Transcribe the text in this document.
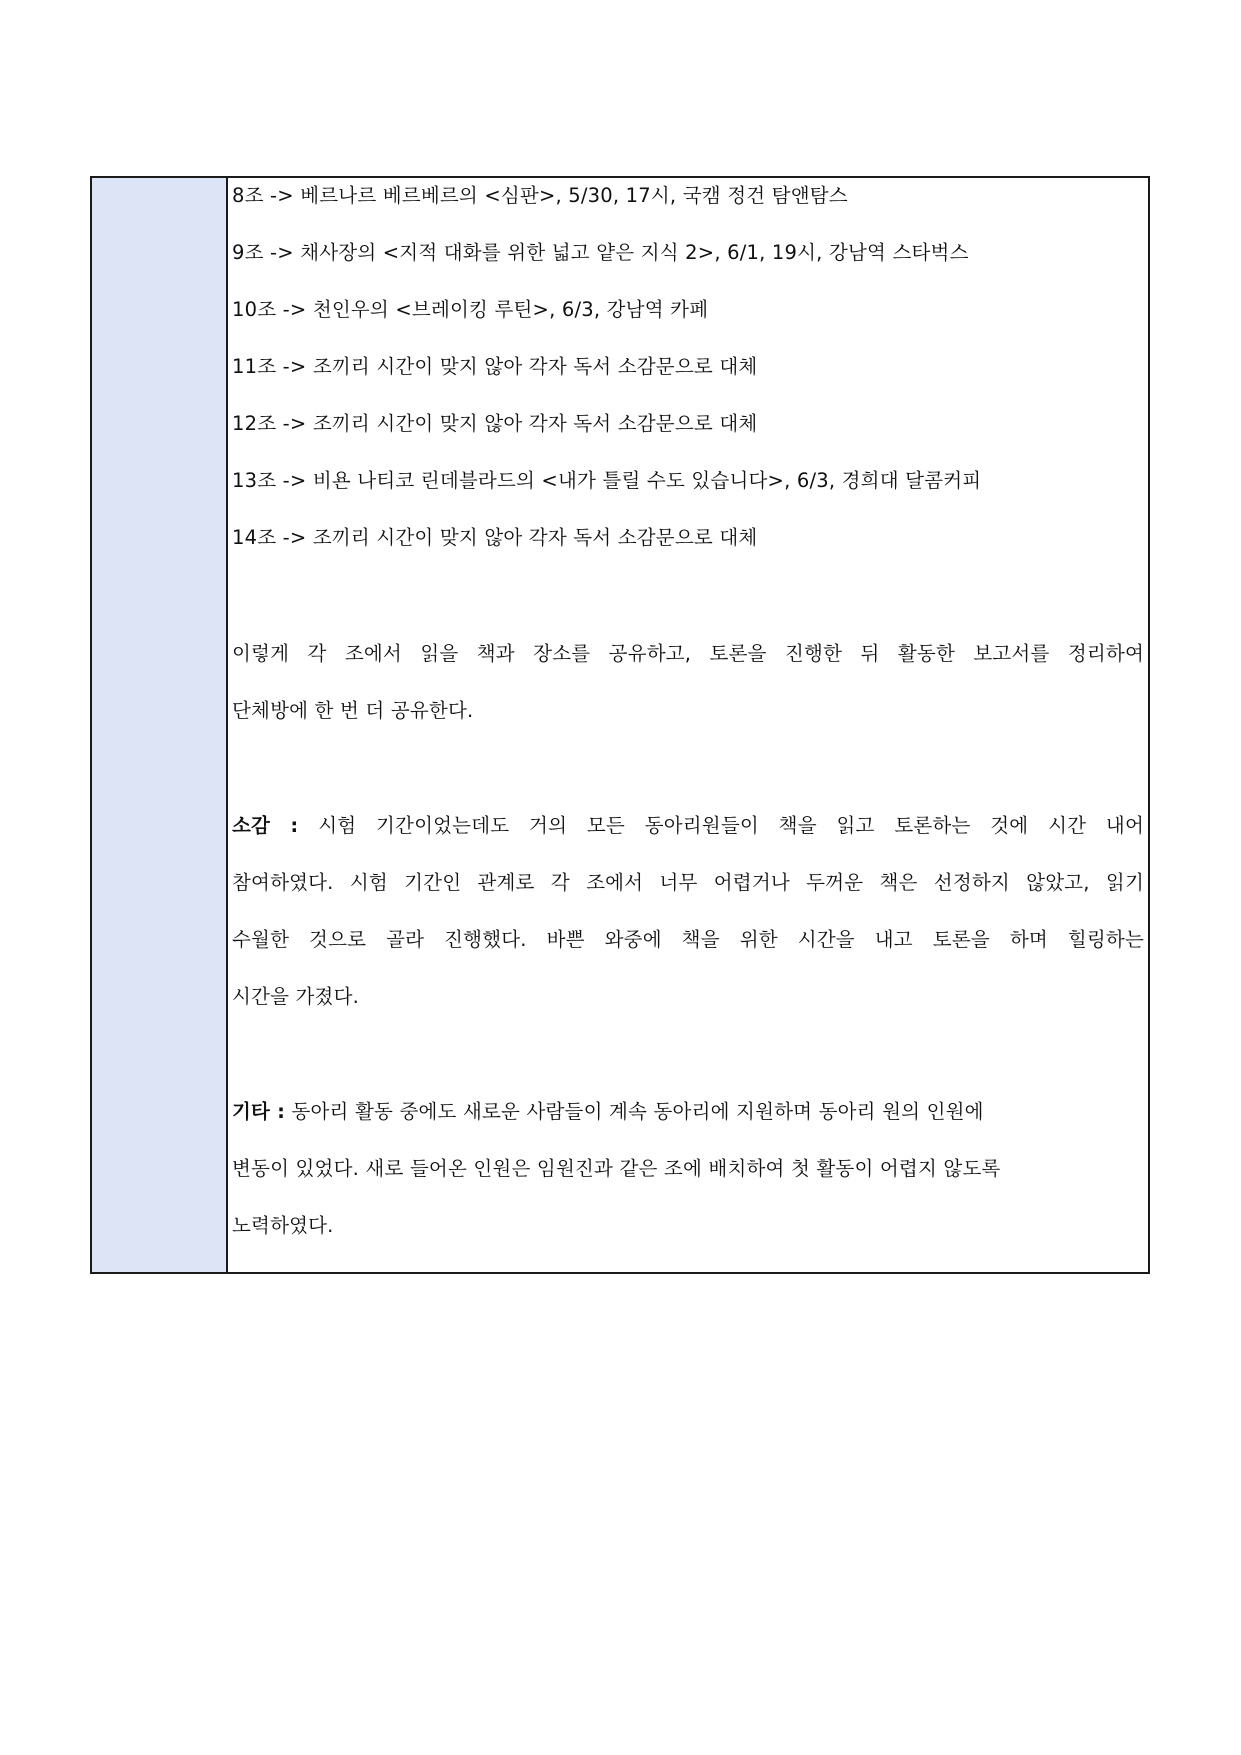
8조 -> 베르나르 베르베르의 <심판>, 5/30, 17시, 국캠 정건 탐앤탐스
9조 -> 채사장의 <지적 대화를 위한 넓고 얕은 지식 2>, 6/1, 19시, 강남역 스타벅스
10조 -> 천인우의 <브레이킹 루틴>, 6/3, 강남역 카페
11조 -> 조끼리 시간이 맞지 않아 각자 독서 소감문으로 대체
12조 -> 조끼리 시간이 맞지 않아 각자 독서 소감문으로 대체
13조 -> 비욘 나티코 린데블라드의 <내가 틀릴 수도 있습니다>, 6/3, 경희대 달콤커피
14조 -> 조끼리 시간이 맞지 않아 각자 독서 소감문으로 대체
이렇게 각 조에서 읽을 책과 장소를 공유하고, 토론을 진행한 뒤 활동한 보고서를 정리하여
단체방에 한 번 더 공유한다.
소감 : 시험 기간이었는데도 거의 모든 동아리원들이 책을 읽고 토론하는 것에 시간 내어
참여하였다. 시험 기간인 관계로 각 조에서 너무 어렵거나 두꺼운 책은 선정하지 않았고, 읽기
수월한 것으로 골라 진행했다. 바쁜 와중에 책을 위한 시간을 내고 토론을 하며 힐링하는
시간을 가졌다.
기타 : 동아리 활동 중에도 새로운 사람들이 계속 동아리에 지원하며 동아리 원의 인원에
변동이 있었다. 새로 들어온 인원은 임원진과 같은 조에 배치하여 첫 활동이 어렵지 않도록
노력하였다.
